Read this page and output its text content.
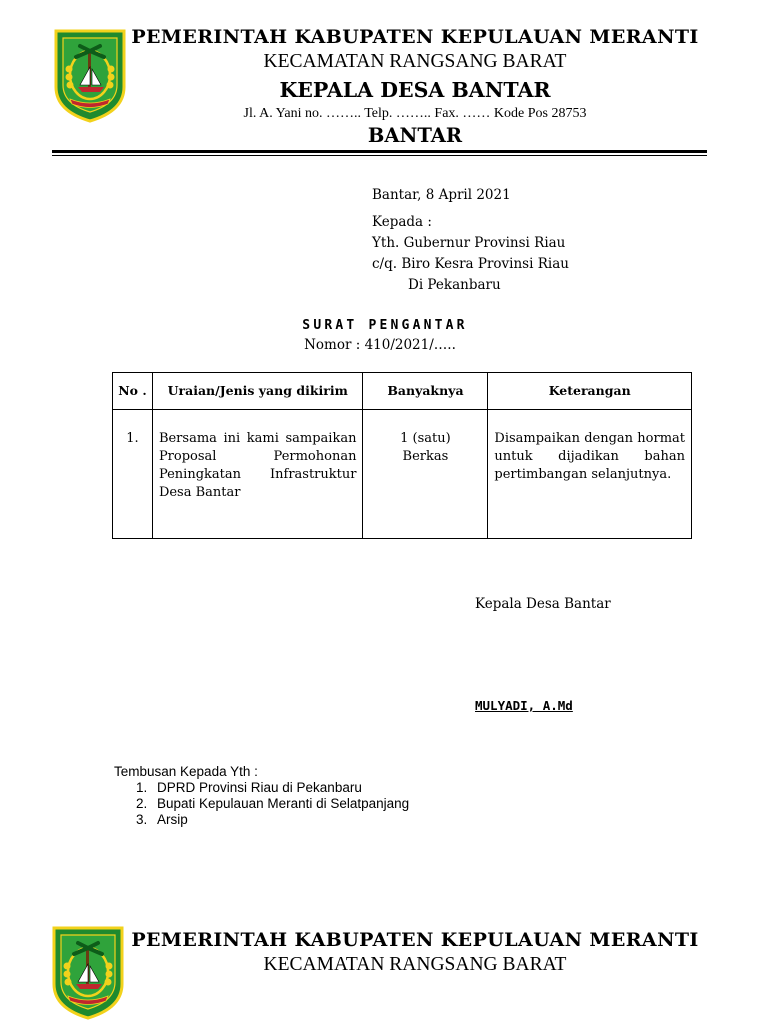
PEMERINTAH KABUPATEN KEPULAUAN MERANTI
KECAMATAN RANGSANG BARAT
KEPALA DESA BANTAR
Jl. A. Yani no. …….. Telp. …….. Fax. …… Kode Pos 28753
BANTAR
Bantar, 8 April 2021
Kepada :
Yth. Gubernur Provinsi Riau
c/q. Biro Kesra Provinsi Riau
Di Pekanbaru
SURAT PENGANTAR
Nomor : 410/2021/…..
No .	Uraian/Jenis yang dikirim	Banyaknya	Keterangan
1.	Bersama ini kami sampaikan Proposal Permohonan Peningkatan Infrastruktur Desa Bantar	1 (satu) Berkas	Disampaikan dengan hormat untuk dijadikan bahan pertimbangan selanjutnya.
Kepala Desa Bantar
MULYADI, A.Md
Tembusan Kepada Yth :
1. DPRD Provinsi Riau di Pekanbaru
2. Bupati Kepulauan Meranti di Selatpanjang
3. Arsip
PEMERINTAH KABUPATEN KEPULAUAN MERANTI
KECAMATAN RANGSANG BARAT
